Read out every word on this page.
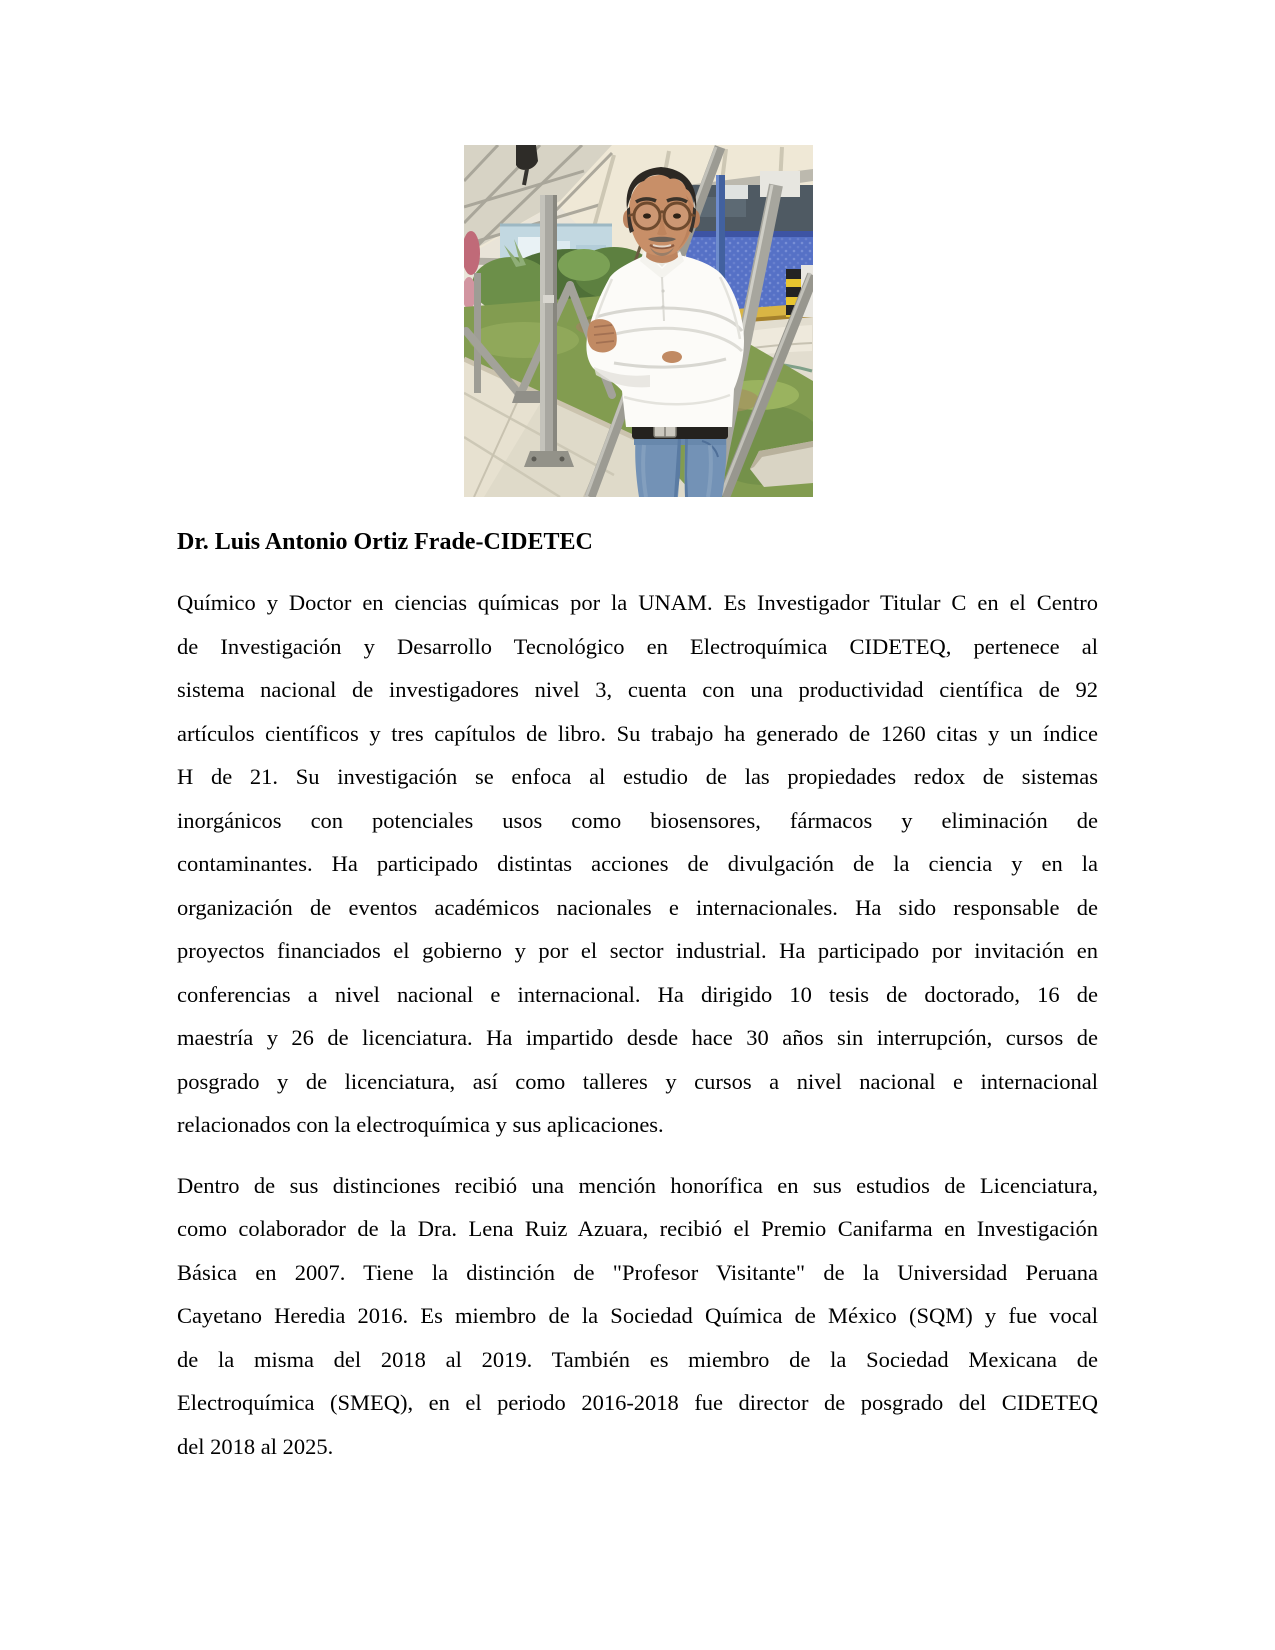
Dr. Luis Antonio Ortiz Frade-CIDETEC
Químico y Doctor en ciencias químicas por la UNAM. Es Investigador Titular C en el Centro
de Investigación y Desarrollo Tecnológico en Electroquímica CIDETEQ, pertenece al
sistema nacional de investigadores nivel 3, cuenta con una productividad científica de 92
artículos científicos y tres capítulos de libro. Su trabajo ha generado de 1260 citas y un índice
H de 21. Su investigación se enfoca al estudio de las propiedades redox de sistemas
inorgánicos con potenciales usos como biosensores, fármacos y eliminación de
contaminantes. Ha participado distintas acciones de divulgación de la ciencia y en la
organización de eventos académicos nacionales e internacionales. Ha sido responsable de
proyectos financiados el gobierno y por el sector industrial. Ha participado por invitación en
conferencias a nivel nacional e internacional. Ha dirigido 10 tesis de doctorado, 16 de
maestría y 26 de licenciatura. Ha impartido desde hace 30 años sin interrupción, cursos de
posgrado y de licenciatura, así como talleres y cursos a nivel nacional e internacional
relacionados con la electroquímica y sus aplicaciones.
Dentro de sus distinciones recibió una mención honorífica en sus estudios de Licenciatura,
como colaborador de la Dra. Lena Ruiz Azuara, recibió el Premio Canifarma en Investigación
Básica en 2007. Tiene la distinción de "Profesor Visitante" de la Universidad Peruana
Cayetano Heredia 2016. Es miembro de la Sociedad Química de México (SQM) y fue vocal
de la misma del 2018 al 2019. También es miembro de la Sociedad Mexicana de
Electroquímica (SMEQ), en el periodo 2016-2018 fue director de posgrado del CIDETEQ
del 2018 al 2025.
